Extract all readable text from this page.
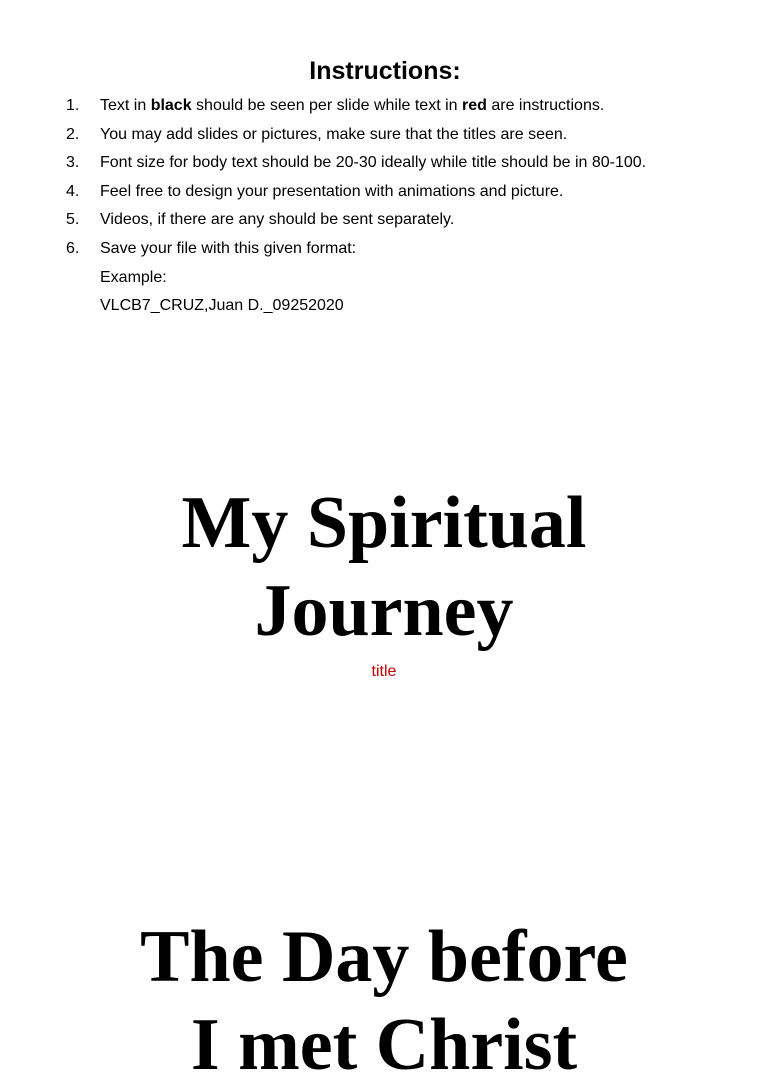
Instructions:
1.	Text in black should be seen per slide while text in red are instructions.
2.	You may add slides or pictures, make sure that the titles are seen.
3.	Font size for body text should be 20-30 ideally while title should be in 80-100.
4.	Feel free to design your presentation with animations and picture.
5.	Videos, if there are any should be sent separately.
6.	Save your file with this given format:
Example:
VLCB7_CRUZ,Juan D._09252020
My Spiritual
Journey
title
The Day before
I met Christ
